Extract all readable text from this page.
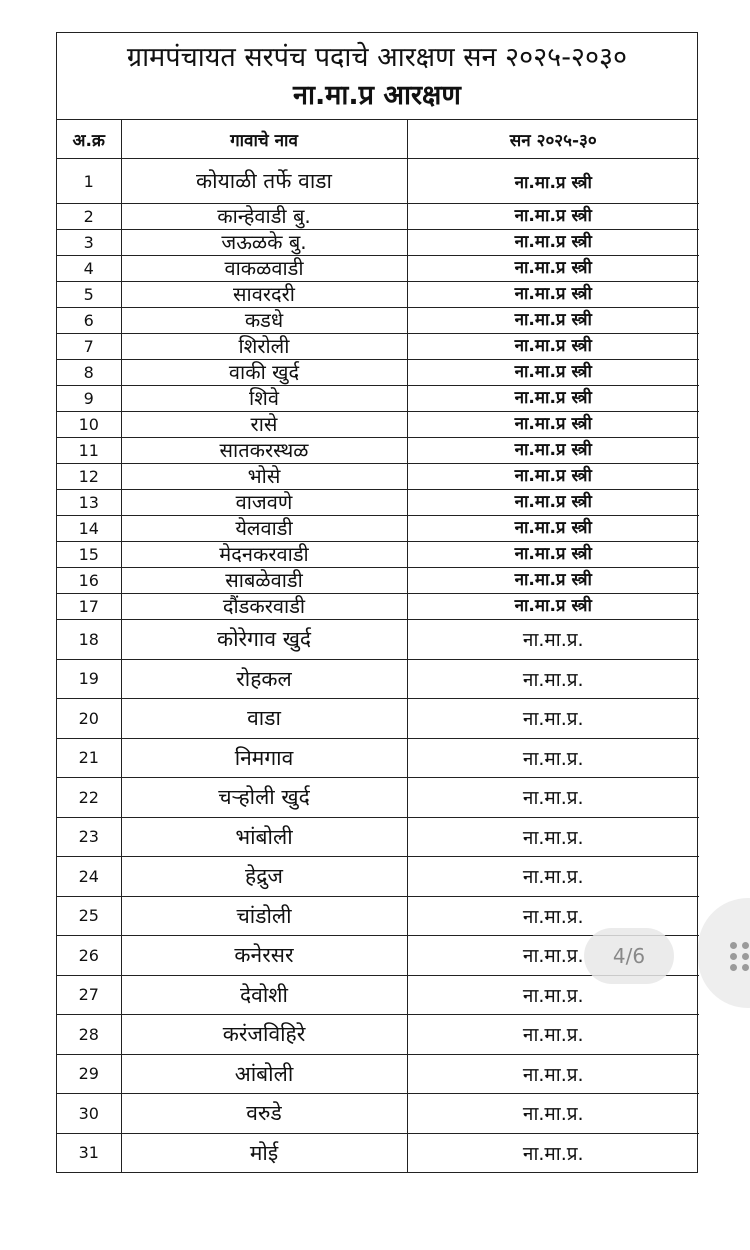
ग्रामपंचायत सरपंच पदाचे आरक्षण सन २०२५-२०३०
ना.मा.प्र आरक्षण
अ.क्र	गावाचे नाव	सन २०२५-३०
1	कोयाळी तर्फे वाडा	ना.मा.प्र स्त्री
2	कान्हेवाडी बु.	ना.मा.प्र स्त्री
3	जऊळके बु.	ना.मा.प्र स्त्री
4	वाकळवाडी	ना.मा.प्र स्त्री
5	सावरदरी	ना.मा.प्र स्त्री
6	कडधे	ना.मा.प्र स्त्री
7	शिरोली	ना.मा.प्र स्त्री
8	वाकी खुर्द	ना.मा.प्र स्त्री
9	शिवे	ना.मा.प्र स्त्री
10	रासे	ना.मा.प्र स्त्री
11	सातकरस्थळ	ना.मा.प्र स्त्री
12	भोसे	ना.मा.प्र स्त्री
13	वाजवणे	ना.मा.प्र स्त्री
14	येलवाडी	ना.मा.प्र स्त्री
15	मेदनकरवाडी	ना.मा.प्र स्त्री
16	साबळेवाडी	ना.मा.प्र स्त्री
17	दौंडकरवाडी	ना.मा.प्र स्त्री
18	कोरेगाव खुर्द	ना.मा.प्र.
19	रोहकल	ना.मा.प्र.
20	वाडा	ना.मा.प्र.
21	निमगाव	ना.मा.प्र.
22	चऱ्होली खुर्द	ना.मा.प्र.
23	भांबोली	ना.मा.प्र.
24	हेद्रुज	ना.मा.प्र.
25	चांडोली	ना.मा.प्र.
26	कनेरसर	ना.मा.प्र.
27	देवोशी	ना.मा.प्र.
28	करंजविहिरे	ना.मा.प्र.
29	आंबोली	ना.मा.प्र.
30	वरुडे	ना.मा.प्र.
31	मोई	ना.मा.प्र.
4/6
